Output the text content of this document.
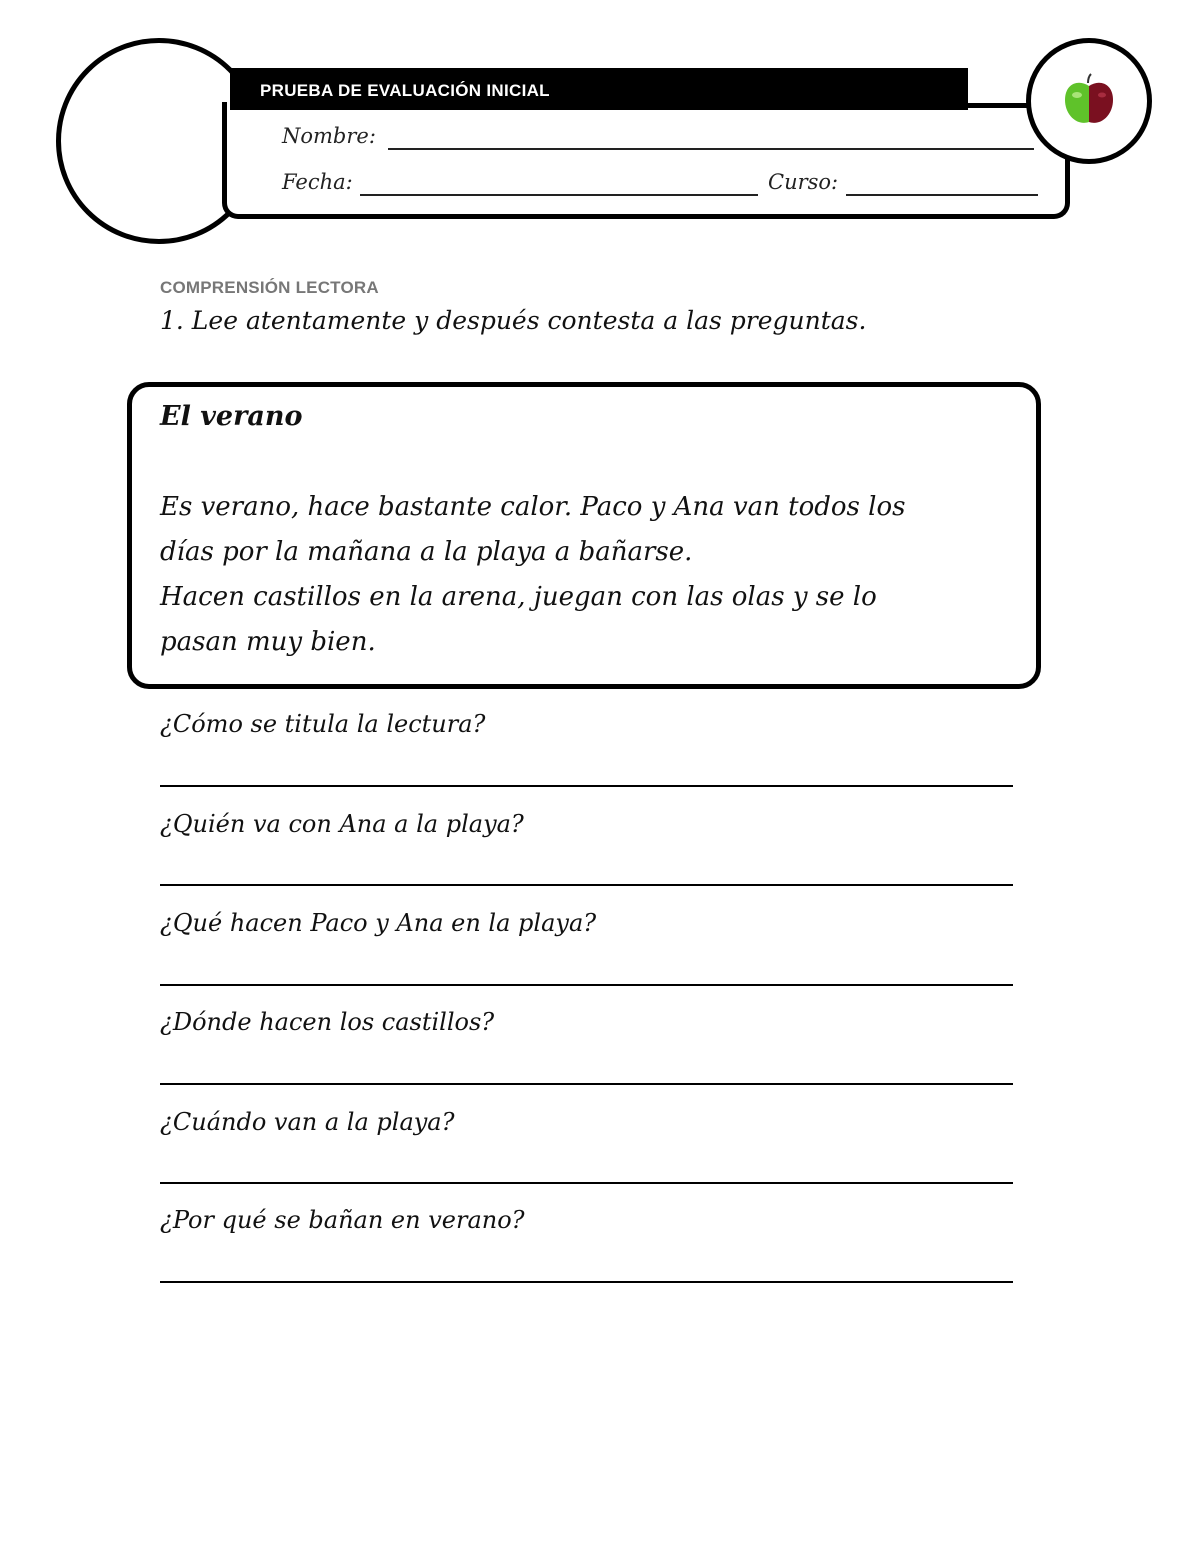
PRUEBA DE EVALUACIÓN INICIAL
Nombre:
Fecha:	Curso:
COMPRENSIÓN LECTORA
1. Lee atentamente y después contesta a las preguntas.
El verano

Es verano, hace bastante calor. Paco y Ana van todos los
días por la mañana a la playa a bañarse.
Hacen castillos en la arena, juegan con las olas y se lo
pasan muy bien.

¿Cómo se titula la lectura?
¿Quién va con Ana a la playa?
¿Qué hacen Paco y Ana en la playa?
¿Dónde hacen los castillos?
¿Cuándo van a la playa?
¿Por qué se bañan en verano?
